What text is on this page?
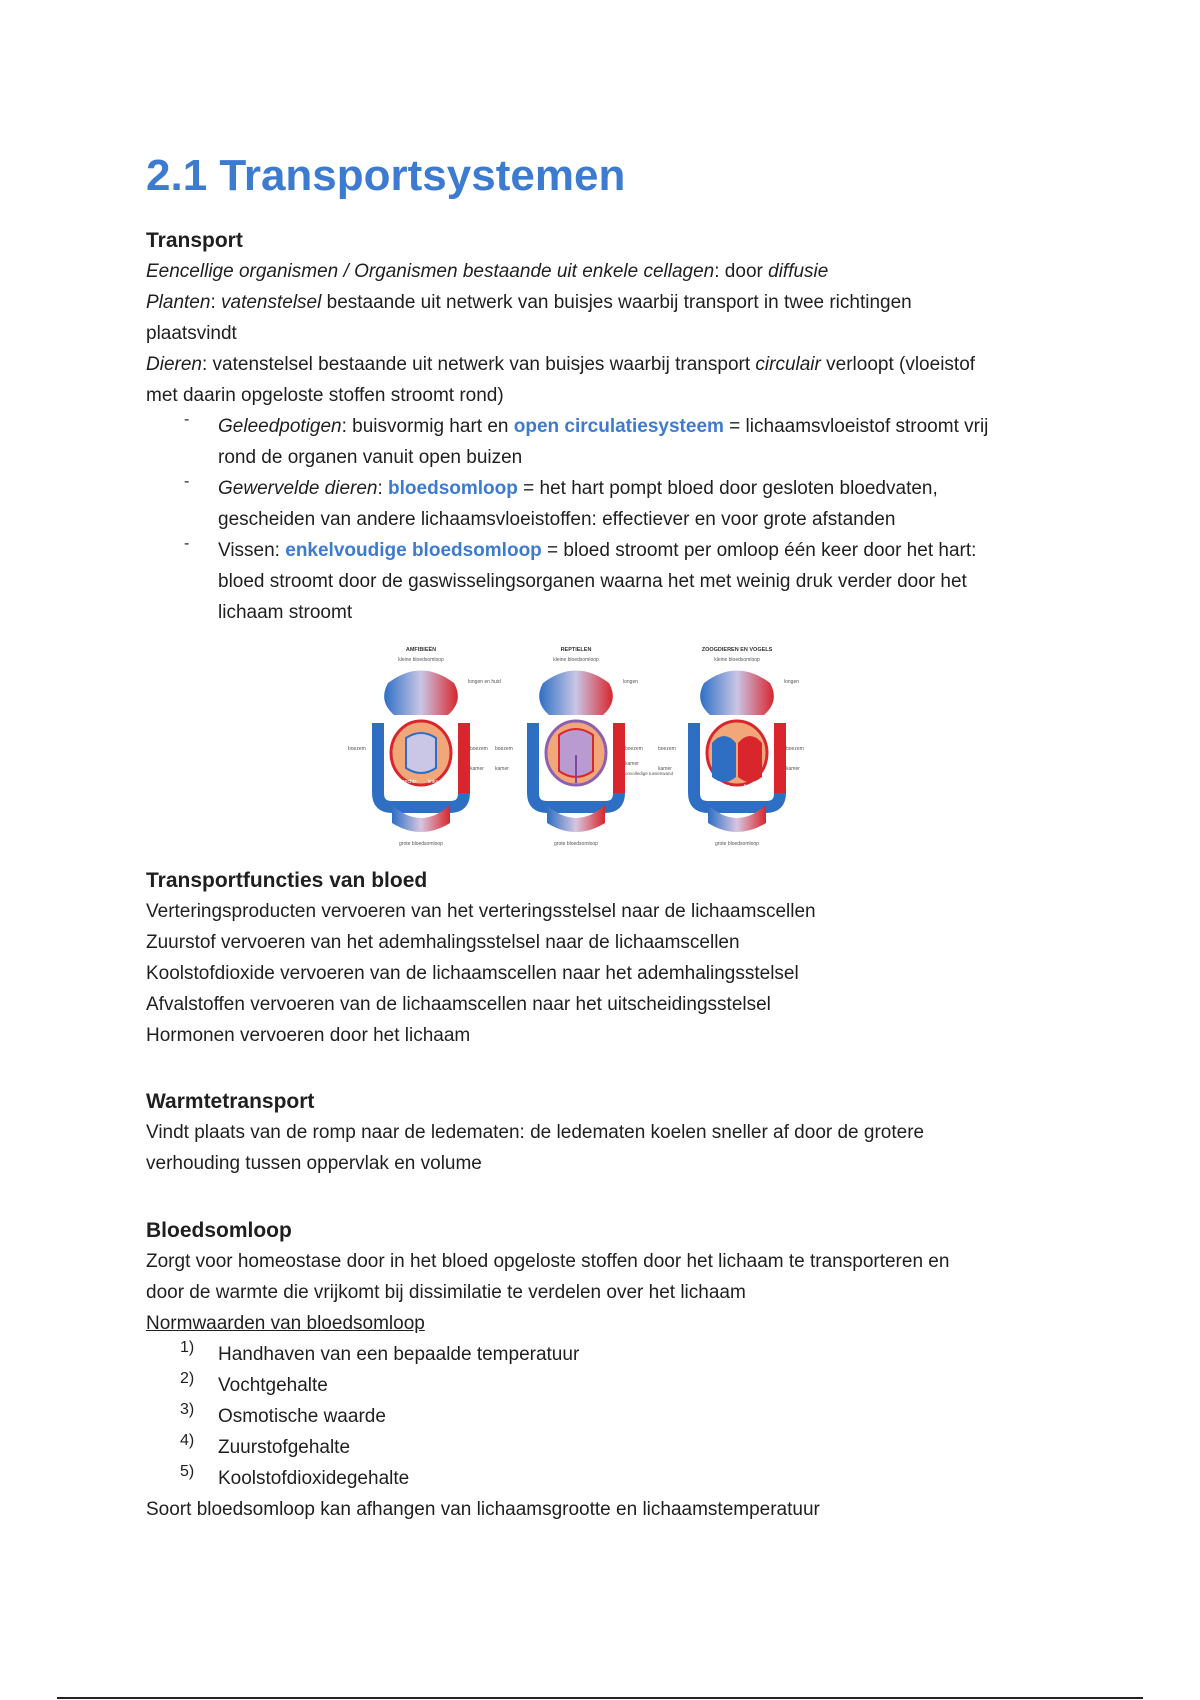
2.1 Transportsystemen

Transport

Eencellige organismen / Organismen bestaande uit enkele cellagen: door diffusie

Planten: vatenstelsel bestaande uit netwerk van buisjes waarbij transport in twee richtingen

plaatsvindt

Dieren: vatenstelsel bestaande uit netwerk van buisjes waarbij transport circulair verloopt (vloeistof

met daarin opgeloste stoffen stroomt rond)

- Geleedpotigen: buisvormig hart en open circulatiesysteem = lichaamsvloeistof stroomt vrij

rond de organen vanuit open buizen

- Gewervelde dieren: bloedsomloop = het hart pompt bloed door gesloten bloedvaten,

gescheiden van andere lichaamsvloeistoffen: effectiever en voor grote afstanden

- Vissen: enkelvoudige bloedsomloop = bloed stroomt per omloop één keer door het hart:

bloed stroomt door de gaswisselingsorganen waarna het met weinig druk verder door het

lichaam stroomt

AMFIBIEËN
kleine bloedsomloop
longen en huid
boezem	boezem
kamer
rechts links
grote bloedsomloop
REPTIELEN
kleine bloedsomloop
longen
boezem	boezem
kamer
kamer
onvolledige tussenwand
grote bloedsomloop
ZOOGDIEREN EN VOGELS
kleine bloedsomloop
longen
boezem	boezem
kamer	kamer
rechts	links
grote bloedsomloop

Transportfuncties van bloed

Verteringsproducten vervoeren van het verteringsstelsel naar de lichaamscellen

Zuurstof vervoeren van het ademhalingsstelsel naar de lichaamscellen

Koolstofdioxide vervoeren van de lichaamscellen naar het ademhalingsstelsel

Afvalstoffen vervoeren van de lichaamscellen naar het uitscheidingsstelsel

Hormonen vervoeren door het lichaam

Warmtetransport

Vindt plaats van de romp naar de ledematen: de ledematen koelen sneller af door de grotere

verhouding tussen oppervlak en volume

Bloedsomloop

Zorgt voor homeostase door in het bloed opgeloste stoffen door het lichaam te transporteren en

door de warmte die vrijkomt bij dissimilatie te verdelen over het lichaam

Normwaarden van bloedsomloop

1) Handhaven van een bepaalde temperatuur

2) Vochtgehalte

3) Osmotische waarde

4) Zuurstofgehalte

5) Koolstofdioxidegehalte

Soort bloedsomloop kan afhangen van lichaamsgrootte en lichaamstemperatuur
